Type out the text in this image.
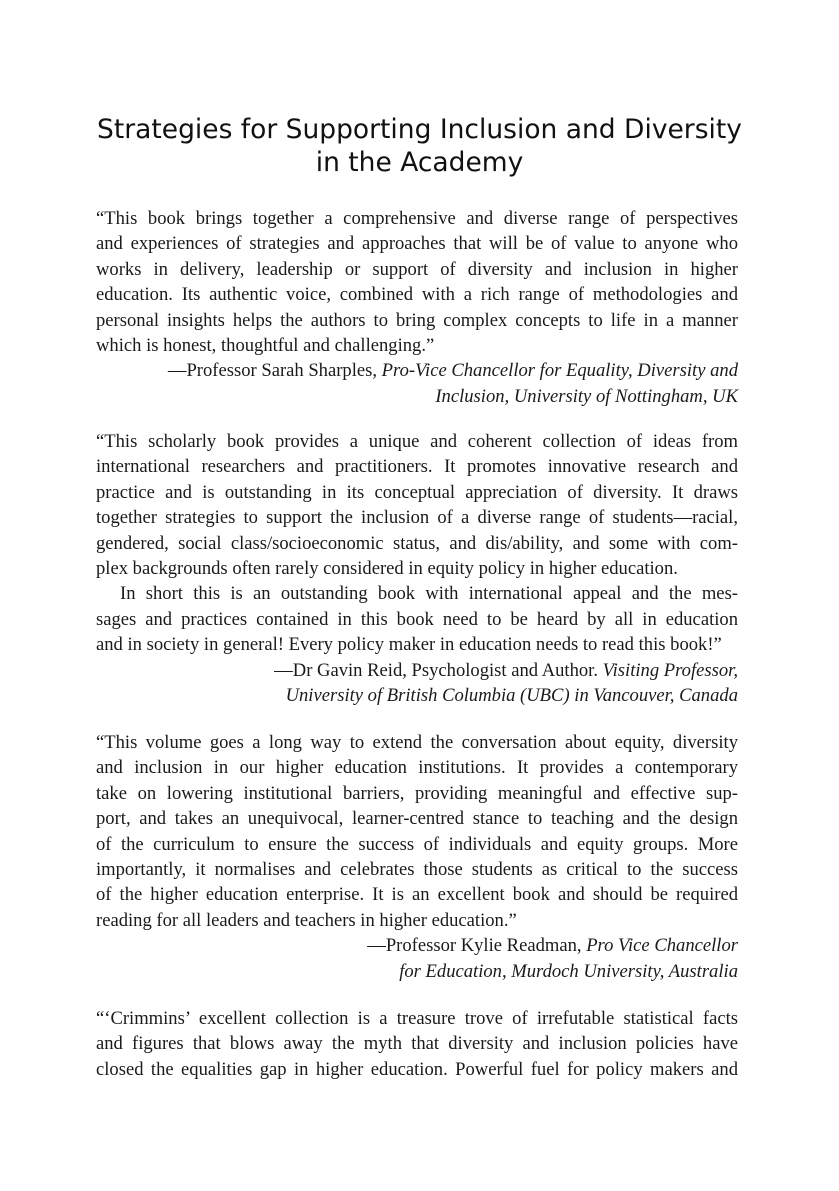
Strategies for Supporting Inclusion and Diversity
in the Academy
“This book brings together a comprehensive and diverse range of perspectives
and experiences of strategies and approaches that will be of value to anyone who
works in delivery, leadership or support of diversity and inclusion in higher
education. Its authentic voice, combined with a rich range of methodologies and
personal insights helps the authors to bring complex concepts to life in a manner
which is honest, thoughtful and challenging.”
—Professor Sarah Sharples, Pro-Vice Chancellor for Equality, Diversity and
Inclusion, University of Nottingham, UK
“This scholarly book provides a unique and coherent collection of ideas from
international researchers and practitioners. It promotes innovative research and
practice and is outstanding in its conceptual appreciation of diversity. It draws
together strategies to support the inclusion of a diverse range of students—racial,
gendered, social class/socioeconomic status, and dis/ability, and some with com-
plex backgrounds often rarely considered in equity policy in higher education.
In short this is an outstanding book with international appeal and the mes-
sages and practices contained in this book need to be heard by all in education
and in society in general! Every policy maker in education needs to read this book!”
—Dr Gavin Reid, Psychologist and Author. Visiting Professor,
University of British Columbia (UBC) in Vancouver, Canada
“This volume goes a long way to extend the conversation about equity, diversity
and inclusion in our higher education institutions. It provides a contemporary
take on lowering institutional barriers, providing meaningful and effective sup-
port, and takes an unequivocal, learner-centred stance to teaching and the design
of the curriculum to ensure the success of individuals and equity groups. More
importantly, it normalises and celebrates those students as critical to the success
of the higher education enterprise. It is an excellent book and should be required
reading for all leaders and teachers in higher education.”
—Professor Kylie Readman, Pro Vice Chancellor
for Education, Murdoch University, Australia
“‘Crimmins’ excellent collection is a treasure trove of irrefutable statistical facts
and figures that blows away the myth that diversity and inclusion policies have
closed the equalities gap in higher education. Powerful fuel for policy makers and
